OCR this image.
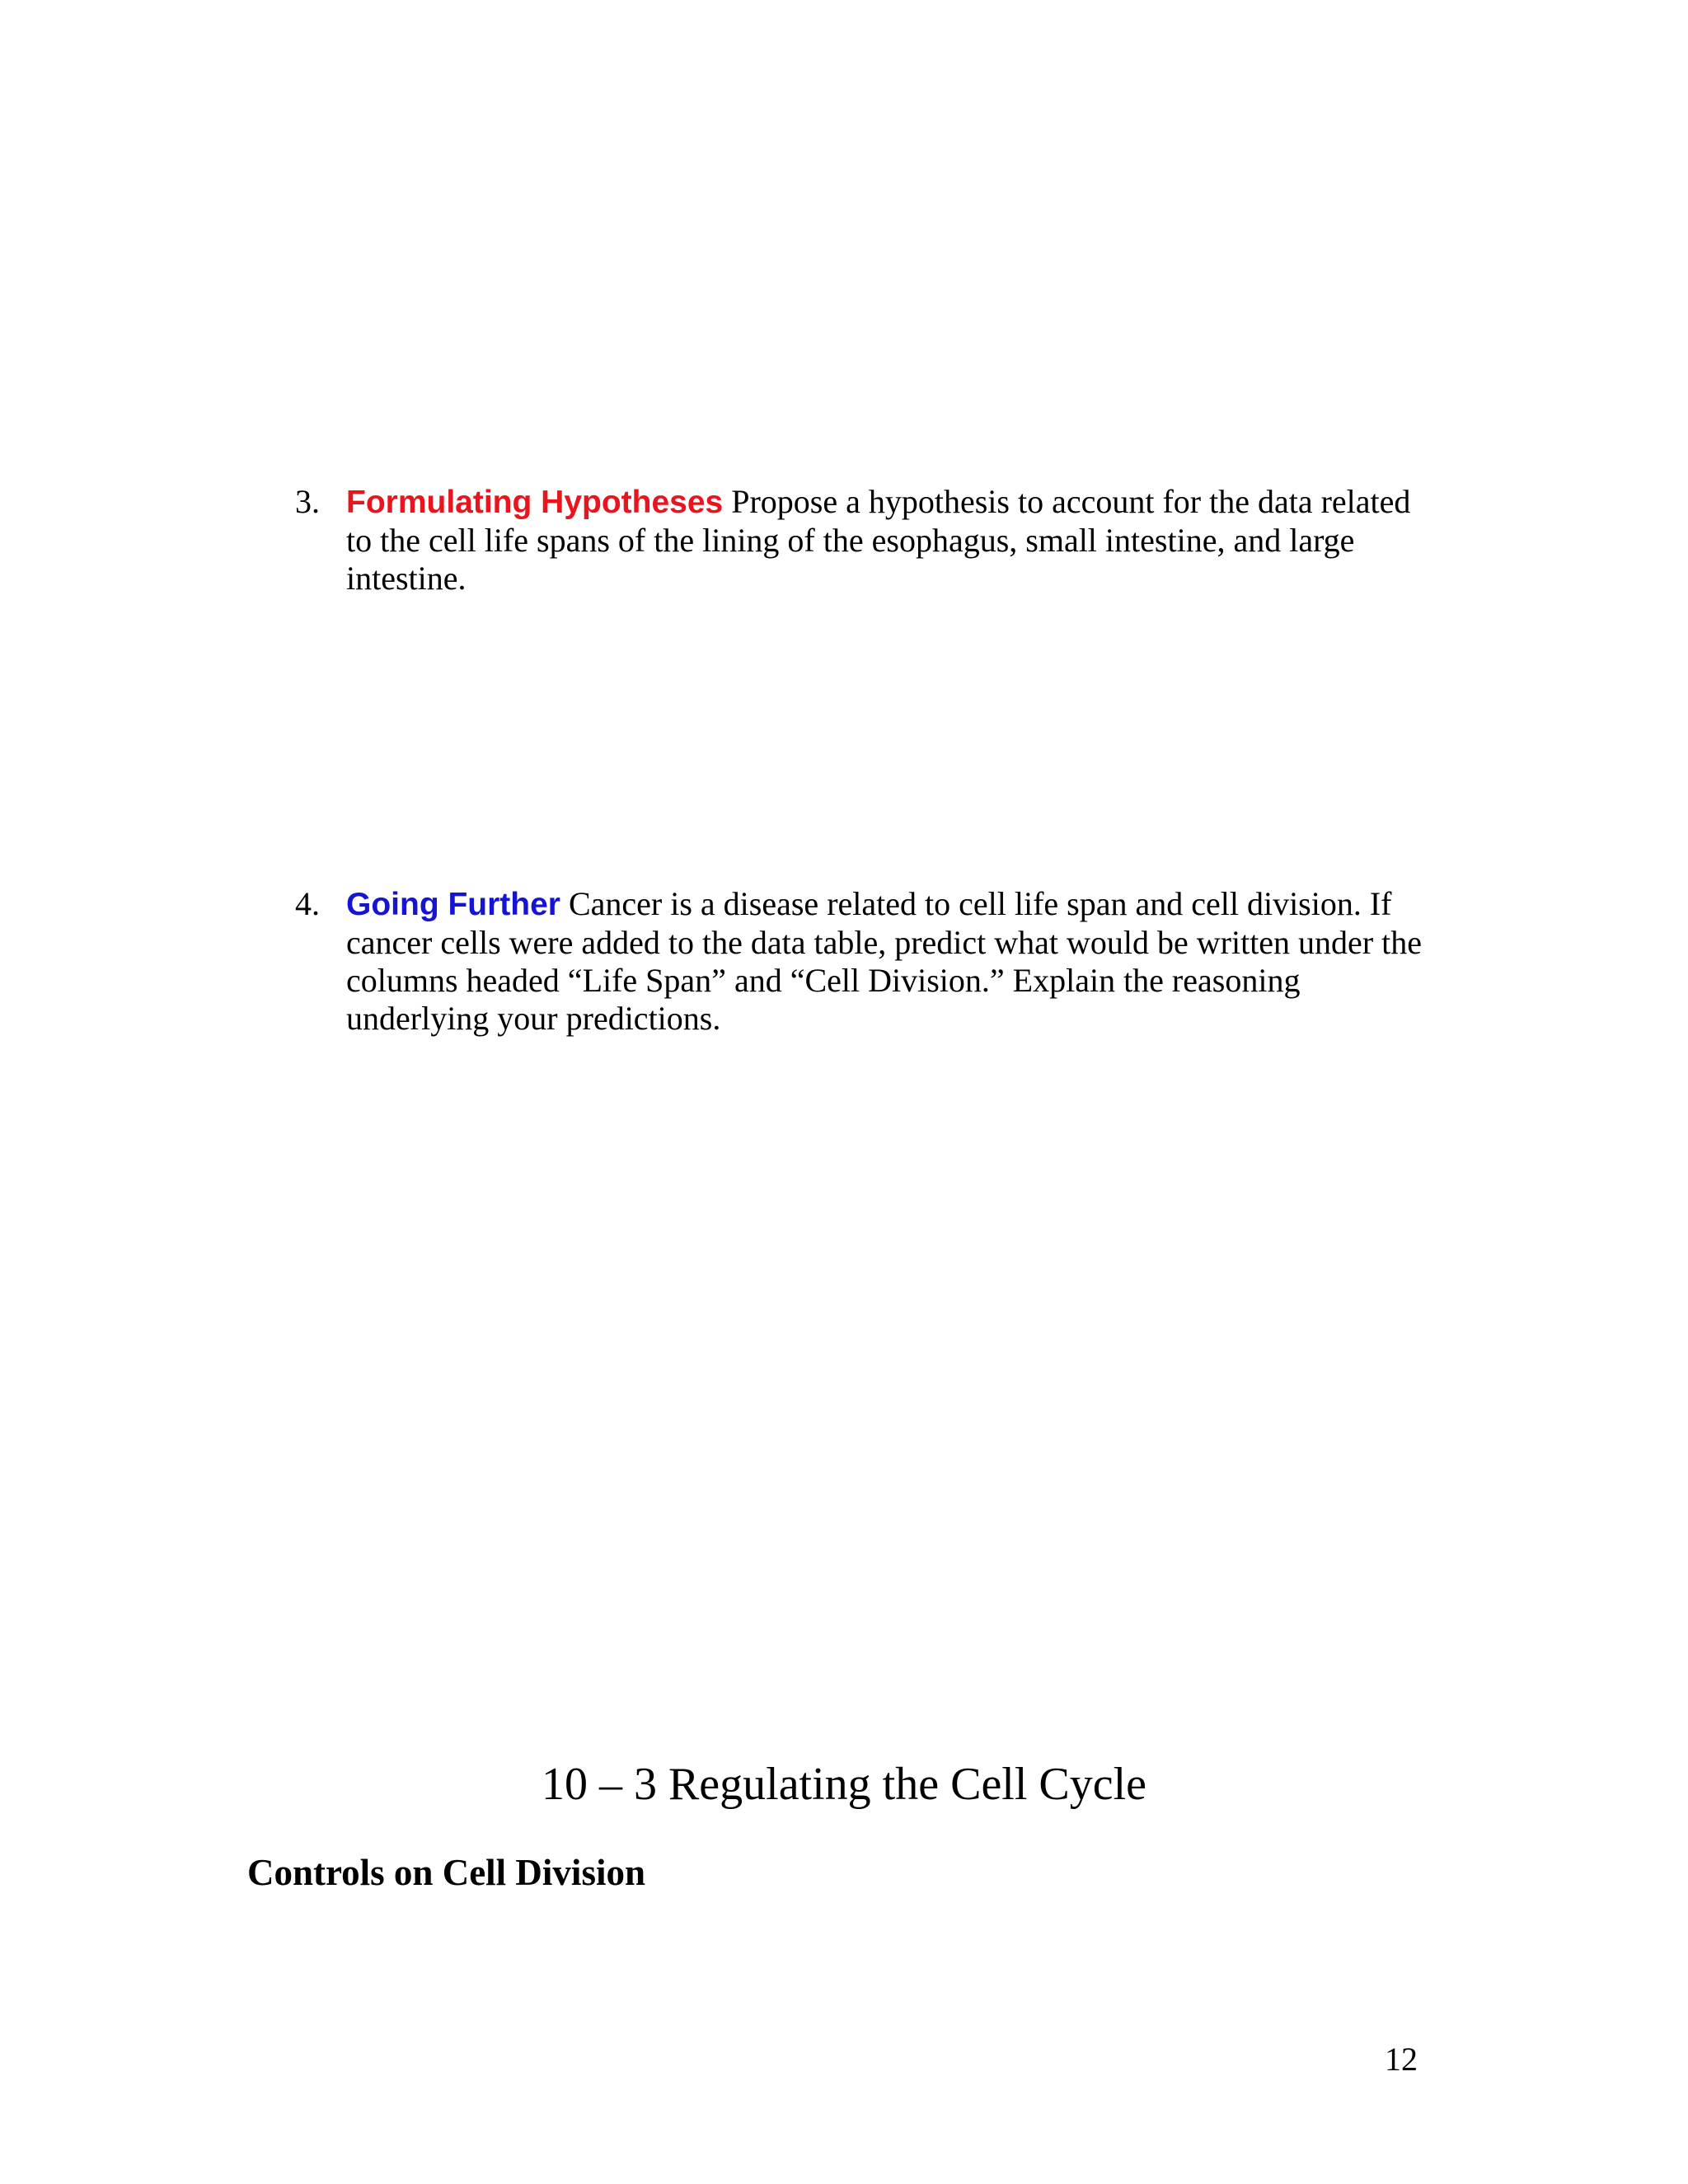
3. Formulating Hypotheses Propose a hypothesis to account for the data related to the cell life spans of the lining of the esophagus, small intestine, and large intestine.
4. Going Further Cancer is a disease related to cell life span and cell division. If cancer cells were added to the data table, predict what would be written under the columns headed “Life Span” and “Cell Division.” Explain the reasoning underlying your predictions.
10 – 3 Regulating the Cell Cycle
Controls on Cell Division
12
